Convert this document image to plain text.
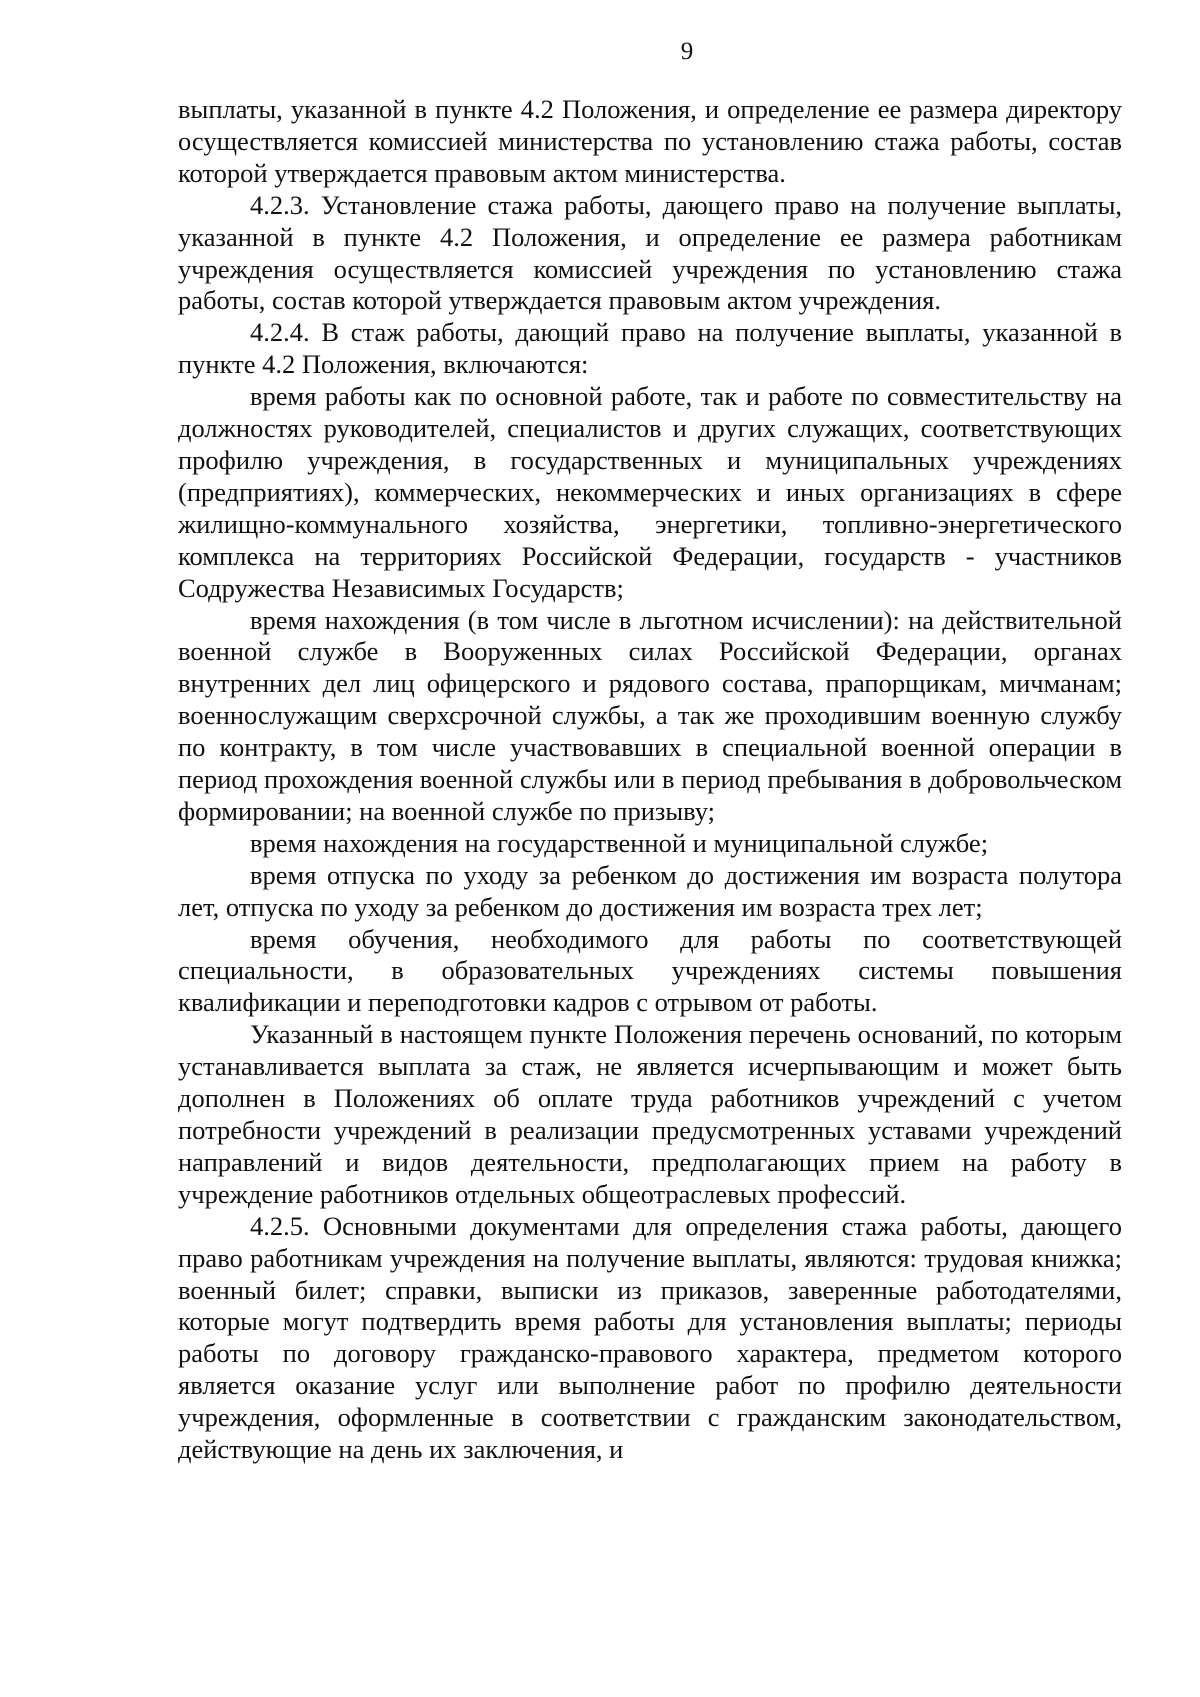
9

выплаты, указанной в пункте 4.2 Положения, и определение ее размера директору осуществляется комиссией министерства по установлению стажа работы, состав которой утверждается правовым актом министерства.

4.2.3. Установление стажа работы, дающего право на получение выплаты, указанной в пункте 4.2 Положения, и определение ее размера работникам учреждения осуществляется комиссией учреждения по установлению стажа работы, состав которой утверждается правовым актом учреждения.

4.2.4. В стаж работы, дающий право на получение выплаты, указанной в пункте 4.2 Положения, включаются:

время работы как по основной работе, так и работе по совместительству на должностях руководителей, специалистов и других служащих, соответствующих профилю учреждения, в государственных и муниципальных учреждениях (предприятиях), коммерческих, некоммерческих и иных организациях в сфере жилищно-коммунального хозяйства, энергетики, топливно-энергетического комплекса на территориях Российской Федерации, государств - участников Содружества Независимых Государств;

время нахождения (в том числе в льготном исчислении): на действительной военной службе в Вооруженных силах Российской Федерации, органах внутренних дел лиц офицерского и рядового состава, прапорщикам, мичманам; военнослужащим сверхсрочной службы, а так же проходившим военную службу по контракту, в том числе участвовавших в специальной военной операции в период прохождения военной службы или в период пребывания в добровольческом формировании; на военной службе по призыву;

время нахождения на государственной и муниципальной службе;

время отпуска по уходу за ребенком до достижения им возраста полутора лет, отпуска по уходу за ребенком до достижения им возраста трех лет;

время обучения, необходимого для работы по соответствующей специальности, в образовательных учреждениях системы повышения квалификации и переподготовки кадров с отрывом от работы.

Указанный в настоящем пункте Положения перечень оснований, по которым устанавливается выплата за стаж, не является исчерпывающим и может быть дополнен в Положениях об оплате труда работников учреждений с учетом потребности учреждений в реализации предусмотренных уставами учреждений направлений и видов деятельности, предполагающих прием на работу в учреждение работников отдельных общеотраслевых профессий.

4.2.5. Основными документами для определения стажа работы, дающего право работникам учреждения на получение выплаты, являются: трудовая книжка; военный билет; справки, выписки из приказов, заверенные работодателями, которые могут подтвердить время работы для установления выплаты; периоды работы по договору гражданско-правового характера, предметом которого является оказание услуг или выполнение работ по профилю деятельности учреждения, оформленные в соответствии с гражданским законодательством, действующие на день их заключения, и
